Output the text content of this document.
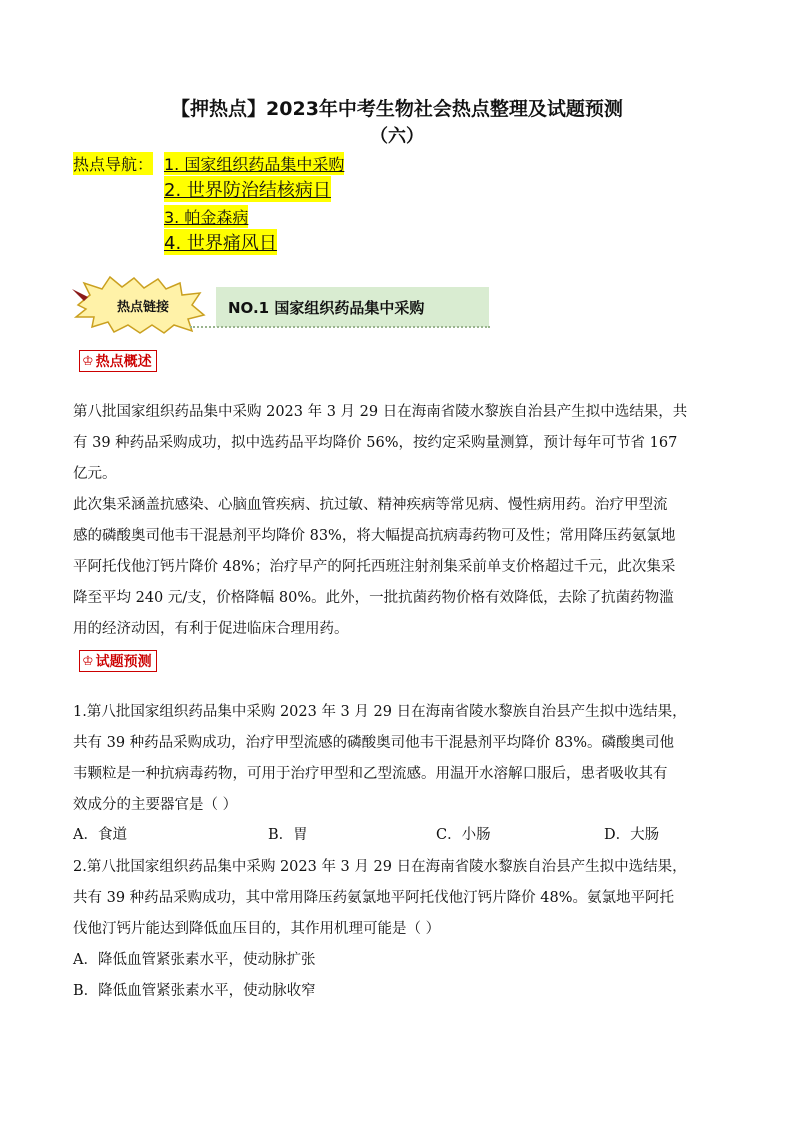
【押热点】2023年中考生物社会热点整理及试题预测
（六）
热点导航： 1. 国家组织药品集中采购
2. 世界防治结核病日
3. 帕金森病
4. 世界痛风日
热点链接	NO.1 国家组织药品集中采购
♔ 热点概述
第八批国家组织药品集中采购 2023 年 3 月 29 日在海南省陵水黎族自治县产生拟中选结果，共
有 39 种药品采购成功，拟中选药品平均降价 56%，按约定采购量测算，预计每年可节省 167
亿元。
此次集采涵盖抗感染、心脑血管疾病、抗过敏、精神疾病等常见病、慢性病用药。治疗甲型流
感的磷酸奥司他韦干混悬剂平均降价 83%，将大幅提高抗病毒药物可及性；常用降压药氨氯地
平阿托伐他汀钙片降价 48%；治疗早产的阿托西班注射剂集采前单支价格超过千元，此次集采
降至平均 240 元/支，价格降幅 80%。此外，一批抗菌药物价格有效降低，去除了抗菌药物滥
用的经济动因，有利于促进临床合理用药。
♔ 试题预测
1.第八批国家组织药品集中采购 2023 年 3 月 29 日在海南省陵水黎族自治县产生拟中选结果，
共有 39 种药品采购成功，治疗甲型流感的磷酸奥司他韦干混悬剂平均降价 83%。磷酸奥司他
韦颗粒是一种抗病毒药物，可用于治疗甲型和乙型流感。用温开水溶解口服后，患者吸收其有
效成分的主要器官是（ ）
A．食道	B．胃	C．小肠	D．大肠
2.第八批国家组织药品集中采购 2023 年 3 月 29 日在海南省陵水黎族自治县产生拟中选结果，
共有 39 种药品采购成功，其中常用降压药氨氯地平阿托伐他汀钙片降价 48%。氨氯地平阿托
伐他汀钙片能达到降低血压目的，其作用机理可能是（ ）
A．降低血管紧张素水平，使动脉扩张
B．降低血管紧张素水平，使动脉收窄
